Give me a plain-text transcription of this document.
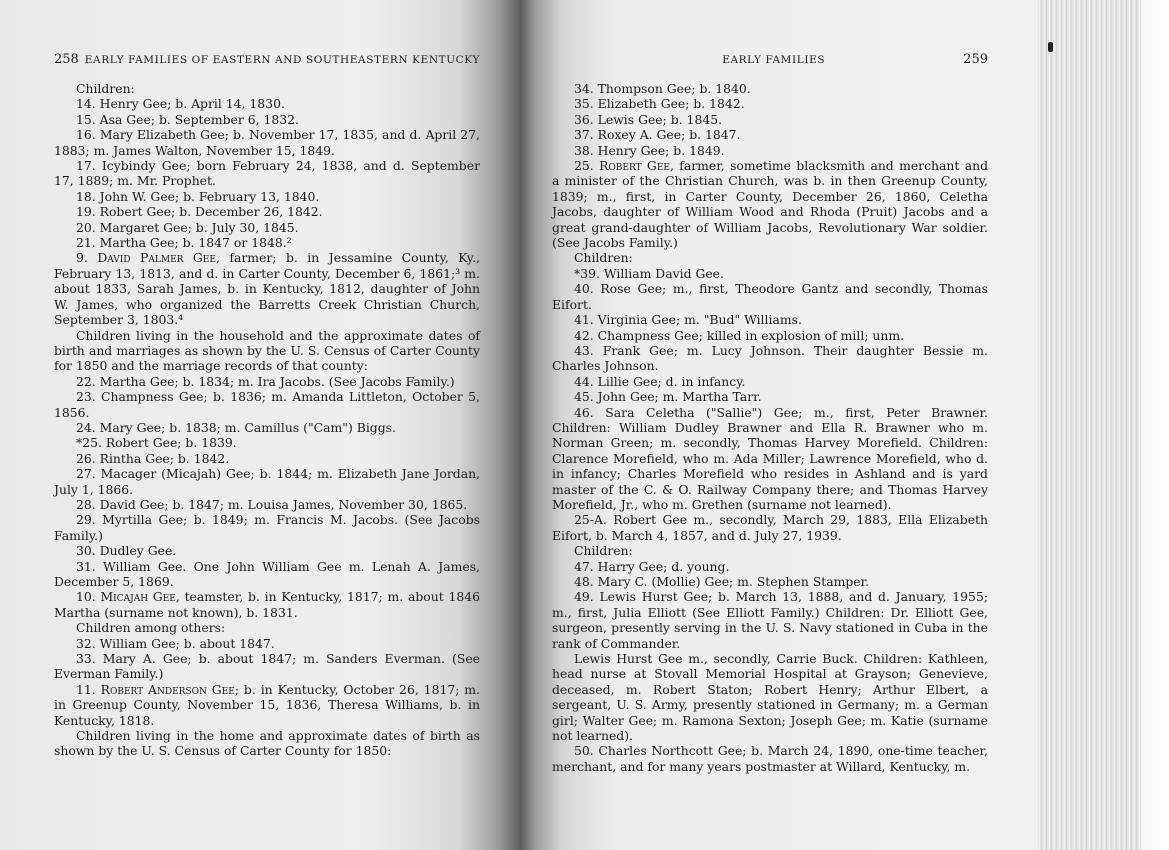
258 EARLY FAMILIES OF EASTERN AND SOUTHEASTERN KENTUCKY

Children:

14. Henry Gee; b. April 14, 1830.

15. Asa Gee; b. September 6, 1832.

16. Mary Elizabeth Gee; b. November 17, 1835, and d. April 27, 1883; m. James Walton, November 15, 1849.

17. Icybindy Gee; born February 24, 1838, and d. September 17, 1889; m. Mr. Prophet.

18. John W. Gee; b. February 13, 1840.

19. Robert Gee; b. December 26, 1842.

20. Margaret Gee; b. July 30, 1845.

21. Martha Gee; b. 1847 or 1848.²

9. David Palmer Gee, farmer; b. in Jessamine County, Ky., February 13, 1813, and d. in Carter County, December 6, 1861;³ m. about 1833, Sarah James, b. in Kentucky, 1812, daughter of John W. James, who organized the Barretts Creek Christian Church, September 3, 1803.⁴

Children living in the household and the approximate dates of birth and marriages as shown by the U. S. Census of Carter County for 1850 and the marriage records of that county:

22. Martha Gee; b. 1834; m. Ira Jacobs. (See Jacobs Family.)

23. Champness Gee; b. 1836; m. Amanda Littleton, October 5, 1856.

24. Mary Gee; b. 1838; m. Camillus ("Cam") Biggs.

*25. Robert Gee; b. 1839.

26. Rintha Gee; b. 1842.

27. Macager (Micajah) Gee; b. 1844; m. Elizabeth Jane Jordan, July 1, 1866.

28. David Gee; b. 1847; m. Louisa James, November 30, 1865.

29. Myrtilla Gee; b. 1849; m. Francis M. Jacobs. (See Jacobs Family.)

30. Dudley Gee.

31. William Gee. One John William Gee m. Lenah A. James, December 5, 1869.

10. Micajah Gee, teamster, b. in Kentucky, 1817; m. about 1846 Martha (surname not known), b. 1831.

Children among others:

32. William Gee; b. about 1847.

33. Mary A. Gee; b. about 1847; m. Sanders Everman. (See Everman Family.)

11. Robert Anderson Gee; b. in Kentucky, October 26, 1817; m. in Greenup County, November 15, 1836, Theresa Williams, b. in Kentucky, 1818.

Children living in the home and approximate dates of birth as shown by the U. S. Census of Carter County for 1850:

EARLY FAMILIES	259

34. Thompson Gee; b. 1840.

35. Elizabeth Gee; b. 1842.

36. Lewis Gee; b. 1845.

37. Roxey A. Gee; b. 1847.

38. Henry Gee; b. 1849.

25. Robert Gee, farmer, sometime blacksmith and merchant and a minister of the Christian Church, was b. in then Greenup County, 1839; m., first, in Carter County, December 26, 1860, Celetha Jacobs, daughter of William Wood and Rhoda (Pruit) Jacobs and a great grand-daughter of William Jacobs, Revolutionary War soldier. (See Jacobs Family.)

Children:

*39. William David Gee.

40. Rose Gee; m., first, Theodore Gantz and secondly, Thomas Eifort.

41. Virginia Gee; m. "Bud" Williams.

42. Champness Gee; killed in explosion of mill; unm.

43. Frank Gee; m. Lucy Johnson. Their daughter Bessie m. Charles Johnson.

44. Lillie Gee; d. in infancy.

45. John Gee; m. Martha Tarr.

46. Sara Celetha ("Sallie") Gee; m., first, Peter Brawner. Children: William Dudley Brawner and Ella R. Brawner who m. Norman Green; m. secondly, Thomas Harvey Morefield. Children: Clarence Morefield, who m. Ada Miller; Lawrence Morefield, who d. in infancy; Charles Morefield who resides in Ashland and is yard master of the C. & O. Railway Company there; and Thomas Harvey Morefield, Jr., who m. Grethen (surname not learned).

25-A. Robert Gee m., secondly, March 29, 1883, Ella Elizabeth Eifort, b. March 4, 1857, and d. July 27, 1939.

Children:

47. Harry Gee; d. young.

48. Mary C. (Mollie) Gee; m. Stephen Stamper.

49. Lewis Hurst Gee; b. March 13, 1888, and d. January, 1955; m., first, Julia Elliott (See Elliott Family.) Children: Dr. Elliott Gee, surgeon, presently serving in the U. S. Navy stationed in Cuba in the rank of Commander.

Lewis Hurst Gee m., secondly, Carrie Buck. Children: Kathleen, head nurse at Stovall Memorial Hospital at Grayson; Genevieve, deceased, m. Robert Staton; Robert Henry; Arthur Elbert, a sergeant, U. S. Army, presently stationed in Germany; m. a German girl; Walter Gee; m. Ramona Sexton; Joseph Gee; m. Katie (surname not learned).

50. Charles Northcott Gee; b. March 24, 1890, one-time teacher, merchant, and for many years postmaster at Willard, Kentucky, m.
